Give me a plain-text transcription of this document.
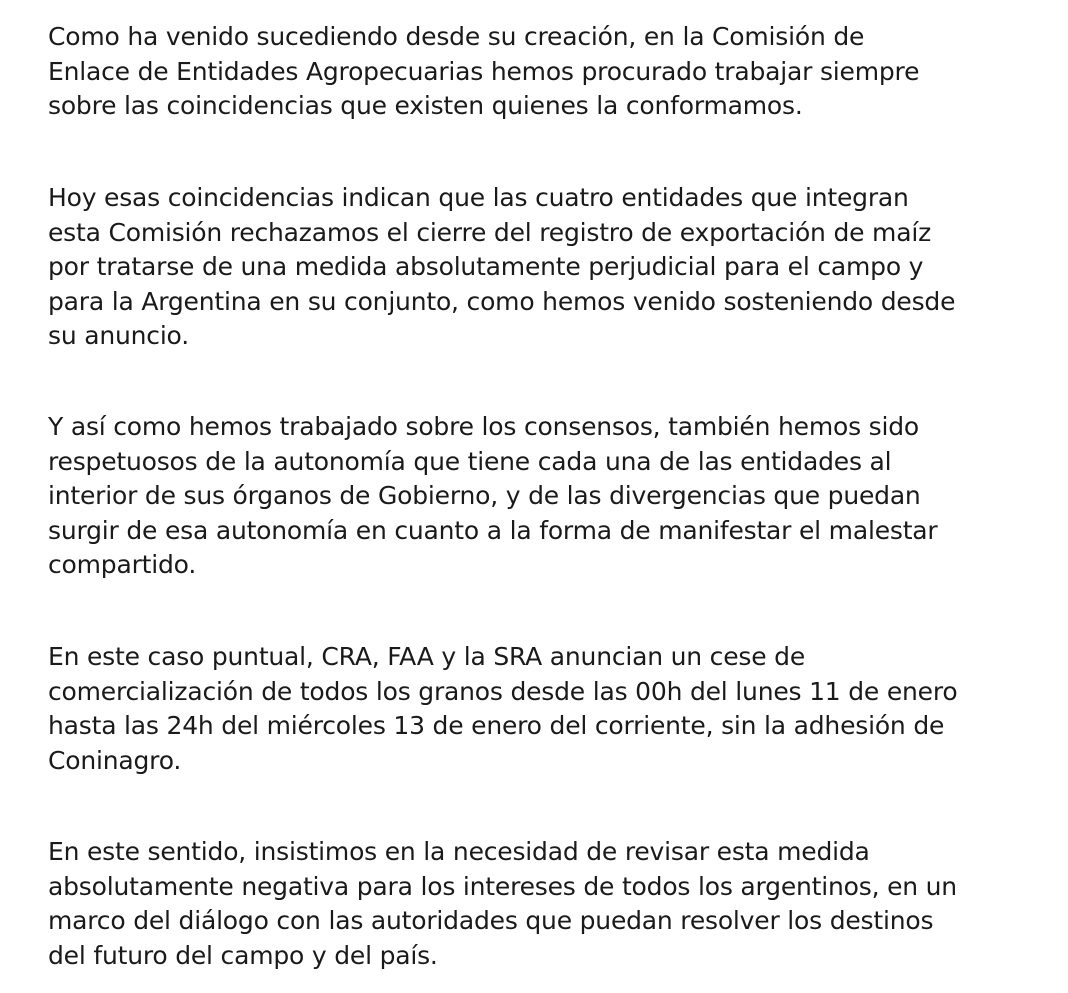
Como ha venido sucediendo desde su creación, en la Comisión de
Enlace de Entidades Agropecuarias hemos procurado trabajar siempre
sobre las coincidencias que existen quienes la conformamos.

Hoy esas coincidencias indican que las cuatro entidades que integran
esta Comisión rechazamos el cierre del registro de exportación de maíz
por tratarse de una medida absolutamente perjudicial para el campo y
para la Argentina en su conjunto, como hemos venido sosteniendo desde
su anuncio.

Y así como hemos trabajado sobre los consensos, también hemos sido
respetuosos de la autonomía que tiene cada una de las entidades al
interior de sus órganos de Gobierno, y de las divergencias que puedan
surgir de esa autonomía en cuanto a la forma de manifestar el malestar
compartido.

En este caso puntual, CRA, FAA y la SRA anuncian un cese de
comercialización de todos los granos desde las 00h del lunes 11 de enero
hasta las 24h del miércoles 13 de enero del corriente, sin la adhesión de
Coninagro.

En este sentido, insistimos en la necesidad de revisar esta medida
absolutamente negativa para los intereses de todos los argentinos, en un
marco del diálogo con las autoridades que puedan resolver los destinos
del futuro del campo y del país.
